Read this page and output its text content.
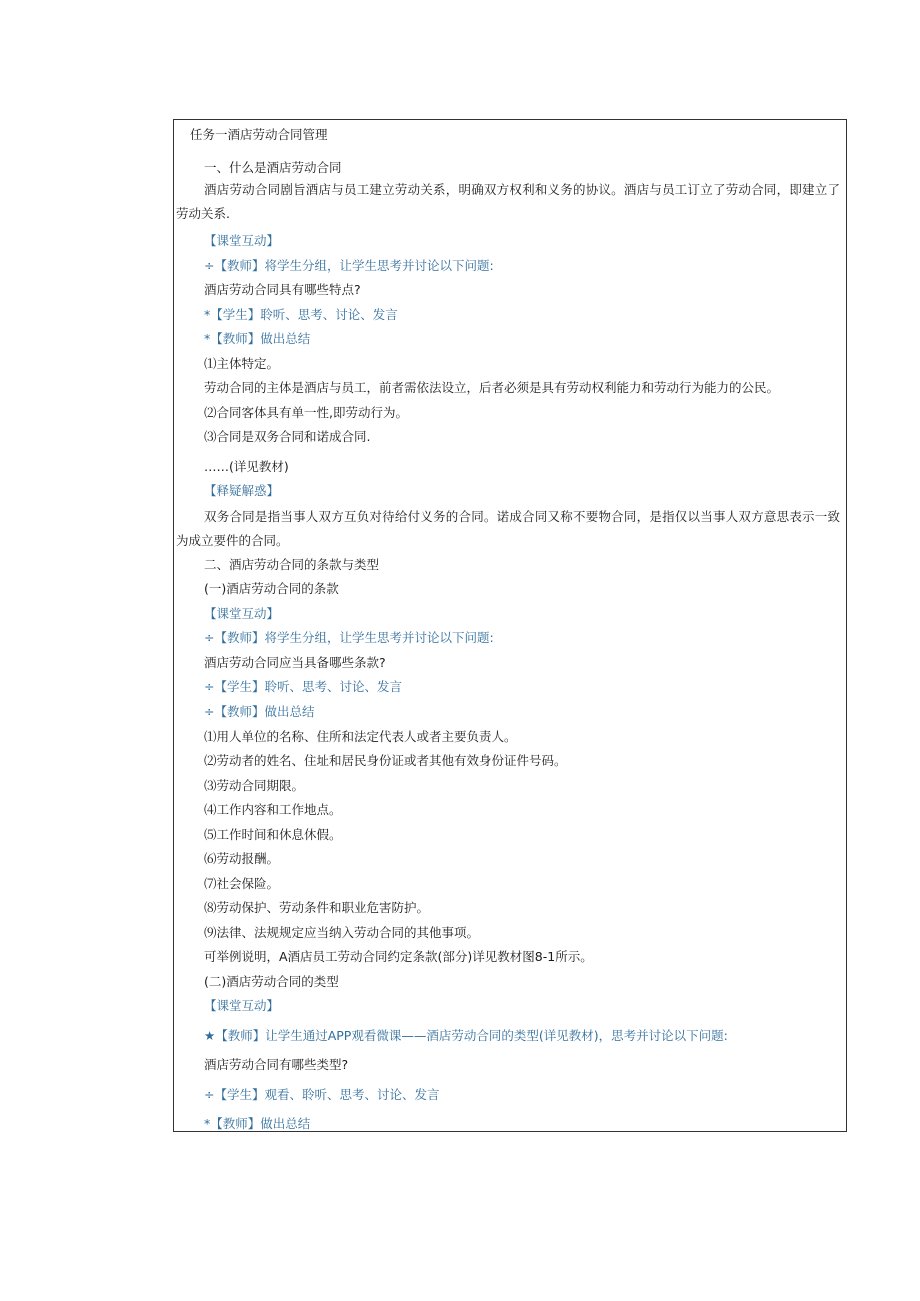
任务一酒店劳动合同管理
一、什么是酒店劳动合同
酒店劳动合同剧旨酒店与员工建立劳动关系，明确双方权利和义务的协议。酒店与员工订立了劳动合同，即建立了劳动关系.
【课堂互动】
÷【教师】将学生分组，让学生思考并讨论以下问题:
酒店劳动合同具有哪些特点?
*【学生】聆听、思考、讨论、发言
*【教师】做出总结
⑴主体特定。
劳动合同的主体是酒店与员工，前者需依法设立，后者必须是具有劳动权利能力和劳动行为能力的公民。
⑵合同客体具有单一性,即劳动行为。
⑶合同是双务合同和诺成合同.
……(详见教材)
【释疑解惑】
双务合同是指当事人双方互负对待给付义务的合同。诺成合同又称不要物合同，是指仅以当事人双方意思表示一致为成立要件的合同。
二、酒店劳动合同的条款与类型
(一)酒店劳动合同的条款
【课堂互动】
÷【教师】将学生分组，让学生思考并讨论以下问题:
酒店劳动合同应当具备哪些条款?
÷【学生】聆听、思考、讨论、发言
÷【教师】做出总结
⑴用人单位的名称、住所和法定代表人或者主要负责人。
⑵劳动者的姓名、住址和居民身份证或者其他有效身份证件号码。
⑶劳动合同期限。
⑷工作内容和工作地点。
⑸工作时间和休息休假。
⑹劳动报酬。
⑺社会保险。
⑻劳动保护、劳动条件和职业危害防护。
⑼法律、法规规定应当纳入劳动合同的其他事项。
可举例说明，A酒店员工劳动合同约定条款(部分)详见教材图8-1所示。
(二)酒店劳动合同的类型
【课堂互动】
★【教师】让学生通过APP观看微课——酒店劳动合同的类型(详见教材)，思考并讨论以下问题:
酒店劳动合同有哪些类型?
÷【学生】观看、聆听、思考、讨论、发言
*【教师】做出总结
